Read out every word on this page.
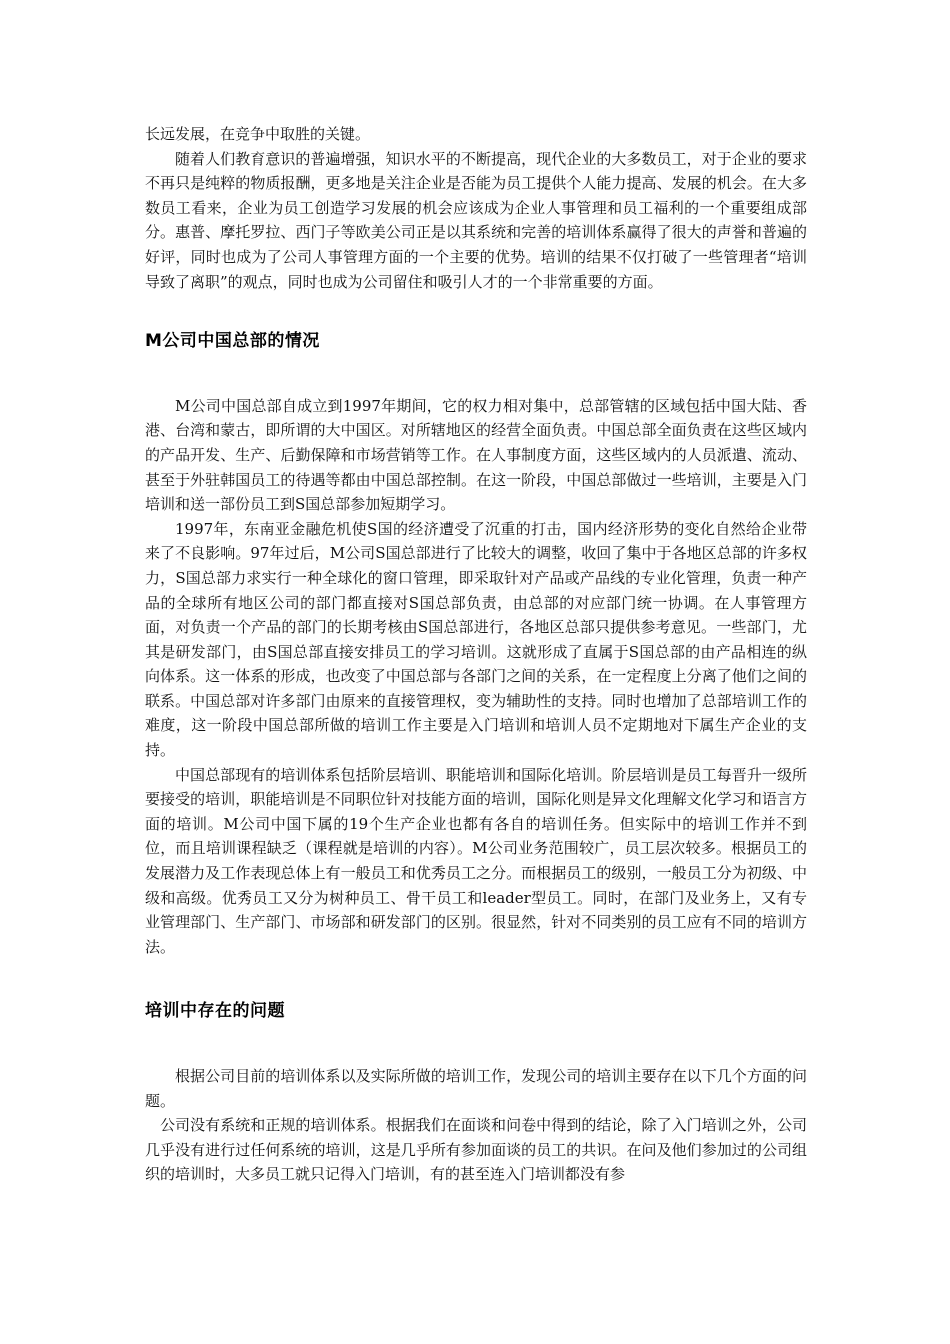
长远发展，在竞争中取胜的关键。

随着人们教育意识的普遍增强，知识水平的不断提高，现代企业的大多数员工，对于企业的要求不再只是纯粹的物质报酬，更多地是关注企业是否能为员工提供个人能力提高、发展的机会。在大多数员工看来，企业为员工创造学习发展的机会应该成为企业人事管理和员工福利的一个重要组成部分。惠普、摩托罗拉、西门子等欧美公司正是以其系统和完善的培训体系赢得了很大的声誉和普遍的好评，同时也成为了公司人事管理方面的一个主要的优势。培训的结果不仅打破了一些管理者“培训导致了离职”的观点，同时也成为公司留住和吸引人才的一个非常重要的方面。

M公司中国总部的情况

M公司中国总部自成立到1997年期间，它的权力相对集中，总部管辖的区域包括中国大陆、香港、台湾和蒙古，即所谓的大中国区。对所辖地区的经营全面负责。中国总部全面负责在这些区域内的产品开发、生产、后勤保障和市场营销等工作。在人事制度方面，这些区域内的人员派遣、流动、甚至于外驻韩国员工的待遇等都由中国总部控制。在这一阶段，中国总部做过一些培训，主要是入门培训和送一部份员工到S国总部参加短期学习。

1997年，东南亚金融危机使S国的经济遭受了沉重的打击，国内经济形势的变化自然给企业带来了不良影响。97年过后，M公司S国总部进行了比较大的调整，收回了集中于各地区总部的许多权力，S国总部力求实行一种全球化的窗口管理，即采取针对产品或产品线的专业化管理，负责一种产品的全球所有地区公司的部门都直接对S国总部负责，由总部的对应部门统一协调。在人事管理方面，对负责一个产品的部门的长期考核由S国总部进行，各地区总部只提供参考意见。一些部门，尤其是研发部门，由S国总部直接安排员工的学习培训。这就形成了直属于S国总部的由产品相连的纵向体系。这一体系的形成，也改变了中国总部与各部门之间的关系，在一定程度上分离了他们之间的联系。中国总部对许多部门由原来的直接管理权，变为辅助性的支持。同时也增加了总部培训工作的难度，这一阶段中国总部所做的培训工作主要是入门培训和培训人员不定期地对下属生产企业的支持。

中国总部现有的培训体系包括阶层培训、职能培训和国际化培训。阶层培训是员工每晋升一级所要接受的培训，职能培训是不同职位针对技能方面的培训，国际化则是异文化理解文化学习和语言方面的培训。M公司中国下属的19个生产企业也都有各自的培训任务。但实际中的培训工作并不到位，而且培训课程缺乏（课程就是培训的内容）。M公司业务范围较广，员工层次较多。根据员工的发展潜力及工作表现总体上有一般员工和优秀员工之分。而根据员工的级别，一般员工分为初级、中级和高级。优秀员工又分为树种员工、骨干员工和leader型员工。同时，在部门及业务上，又有专业管理部门、生产部门、市场部和研发部门的区别。很显然，针对不同类别的员工应有不同的培训方法。

培训中存在的问题

根据公司目前的培训体系以及实际所做的培训工作，发现公司的培训主要存在以下几个方面的问题。

公司没有系统和正规的培训体系。根据我们在面谈和问卷中得到的结论，除了入门培训之外，公司几乎没有进行过任何系统的培训，这是几乎所有参加面谈的员工的共识。在问及他们参加过的公司组织的培训时，大多员工就只记得入门培训，有的甚至连入门培训都没有参
